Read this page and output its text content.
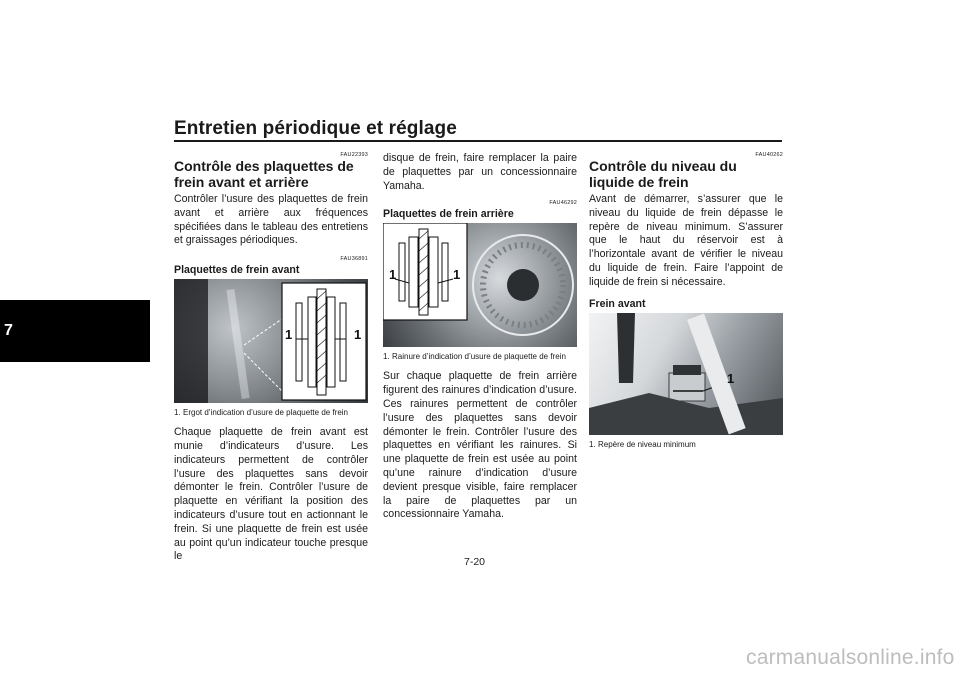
Entretien périodique et réglage
7
FAU22393
Contrôle des plaquettes de frein avant et arrière

Contrôler l’usure des plaquettes de frein avant et arrière aux fréquences spécifiées dans le tableau des entretiens et graissages périodiques.

FAU36891
Plaquettes de frein avant
1	1
1. Ergot d’indication d’usure de plaquette de frein

Chaque plaquette de frein avant est munie d’indicateurs d’usure. Les indicateurs permettent de contrôler l’usure des plaquettes sans devoir démonter le frein. Contrôler l’usure de plaquette en vérifiant la position des indicateurs d’usure tout en actionnant le frein. Si une plaquette de frein est usée au point qu’un indicateur touche presque le

disque de frein, faire remplacer la paire de plaquettes par un concessionnaire Yamaha.

FAU46292
Plaquettes de frein arrière
1	1
1. Rainure d’indication d’usure de plaquette de frein

Sur chaque plaquette de frein arrière figurent des rainures d’indication d’usure. Ces rainures permettent de contrôler l’usure des plaquettes sans devoir démonter le frein. Contrôler l’usure des plaquettes en vérifiant les rainures. Si une plaquette de frein est usée au point qu’une rainure d’indication d’usure devient presque visible, faire remplacer la paire de plaquettes par un concessionnaire Yamaha.

FAU40262
Contrôle du niveau du liquide de frein

Avant de démarrer, s’assurer que le niveau du liquide de frein dépasse le repère de niveau minimum. S’assurer que le haut du réservoir est à l’horizontale avant de vérifier le niveau du liquide de frein. Faire l’appoint de liquide de frein si nécessaire.

Frein avant
1
1. Repère de niveau minimum
7-20
carmanualsonline.info
